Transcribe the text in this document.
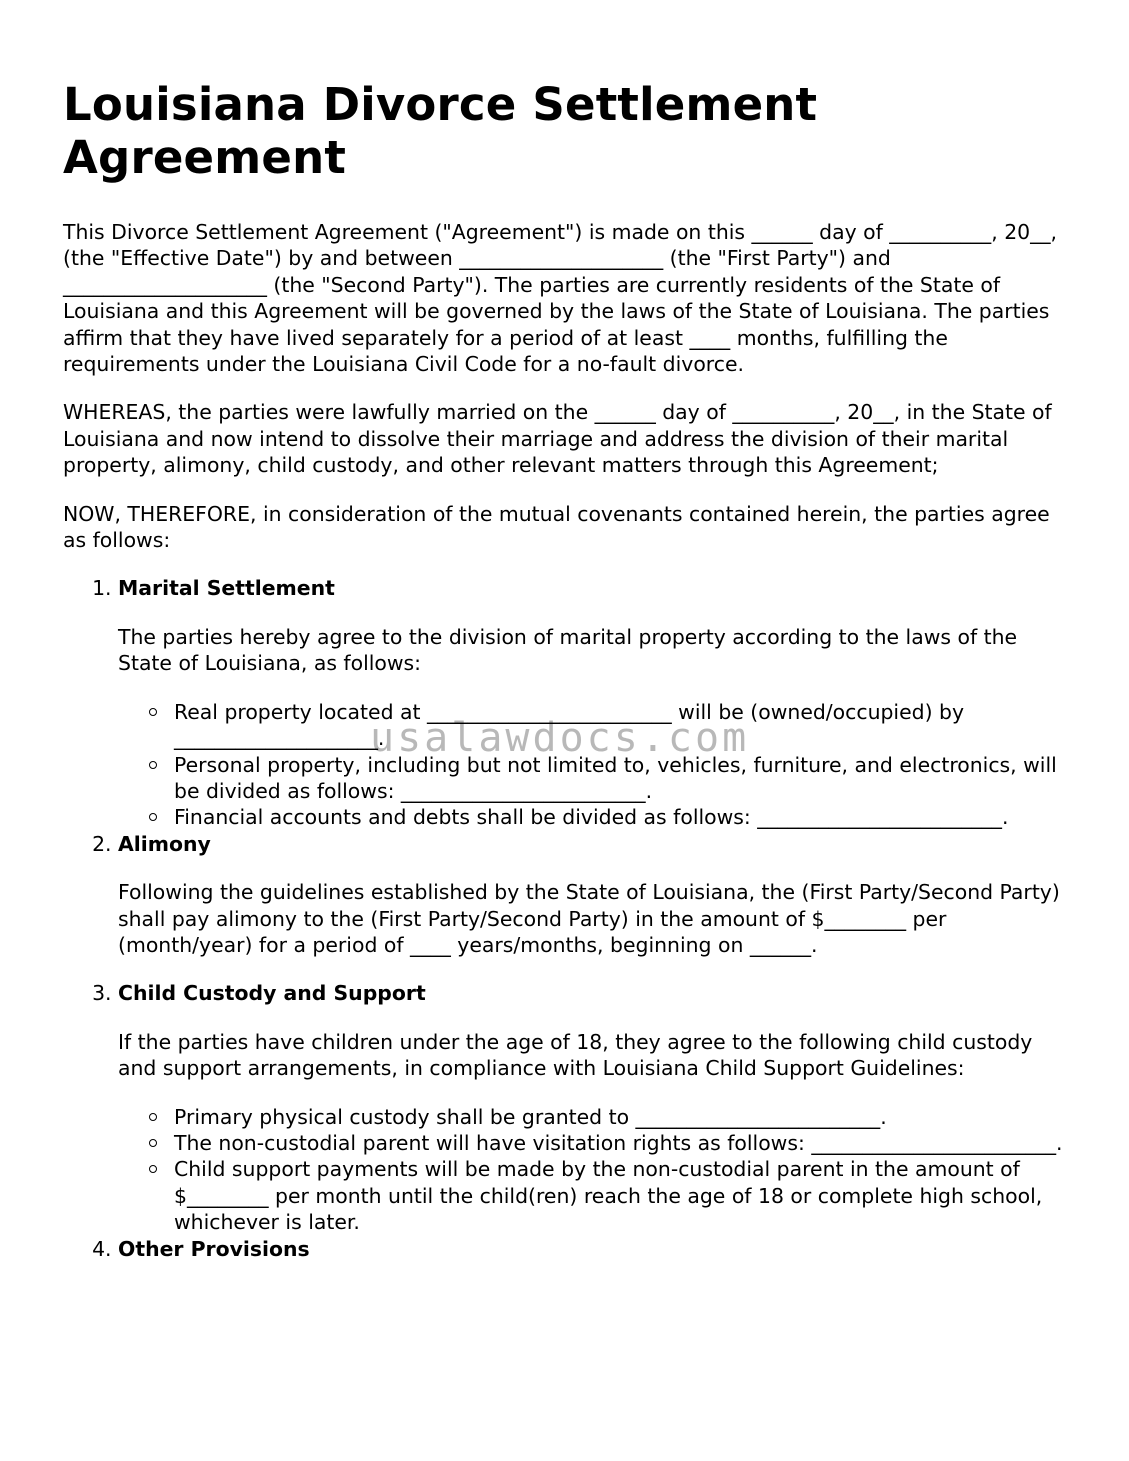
Louisiana Divorce Settlement Agreement

This Divorce Settlement Agreement ("Agreement") is made on this ______ day of __________, 20__, (the "Effective Date") by and between ____________________ (the "First Party") and ____________________ (the "Second Party"). The parties are currently residents of the State of Louisiana and this Agreement will be governed by the laws of the State of Louisiana. The parties affirm that they have lived separately for a period of at least ____ months, fulfilling the requirements under the Louisiana Civil Code for a no-fault divorce.

WHEREAS, the parties were lawfully married on the ______ day of __________, 20__, in the State of Louisiana and now intend to dissolve their marriage and address the division of their marital property, alimony, child custody, and other relevant matters through this Agreement;

NOW, THEREFORE, in consideration of the mutual covenants contained herein, the parties agree as follows:

1. Marital Settlement

The parties hereby agree to the division of marital property according to the laws of the State of Louisiana, as follows:

Real property located at ________________________ will be (owned/occupied) by ____________________.
Personal property, including but not limited to, vehicles, furniture, and electronics, will be divided as follows: ________________________.
Financial accounts and debts shall be divided as follows: ________________________.
2. Alimony

Following the guidelines established by the State of Louisiana, the (First Party/Second Party) shall pay alimony to the (First Party/Second Party) in the amount of $________ per (month/year) for a period of ____ years/months, beginning on ______.

3. Child Custody and Support

If the parties have children under the age of 18, they agree to the following child custody and support arrangements, in compliance with Louisiana Child Support Guidelines:

Primary physical custody shall be granted to ________________________.
The non-custodial parent will have visitation rights as follows: ________________________.
Child support payments will be made by the non-custodial parent in the amount of $________ per month until the child(ren) reach the age of 18 or complete high school, whichever is later.
4. Other Provisions
usalawdocs.com
